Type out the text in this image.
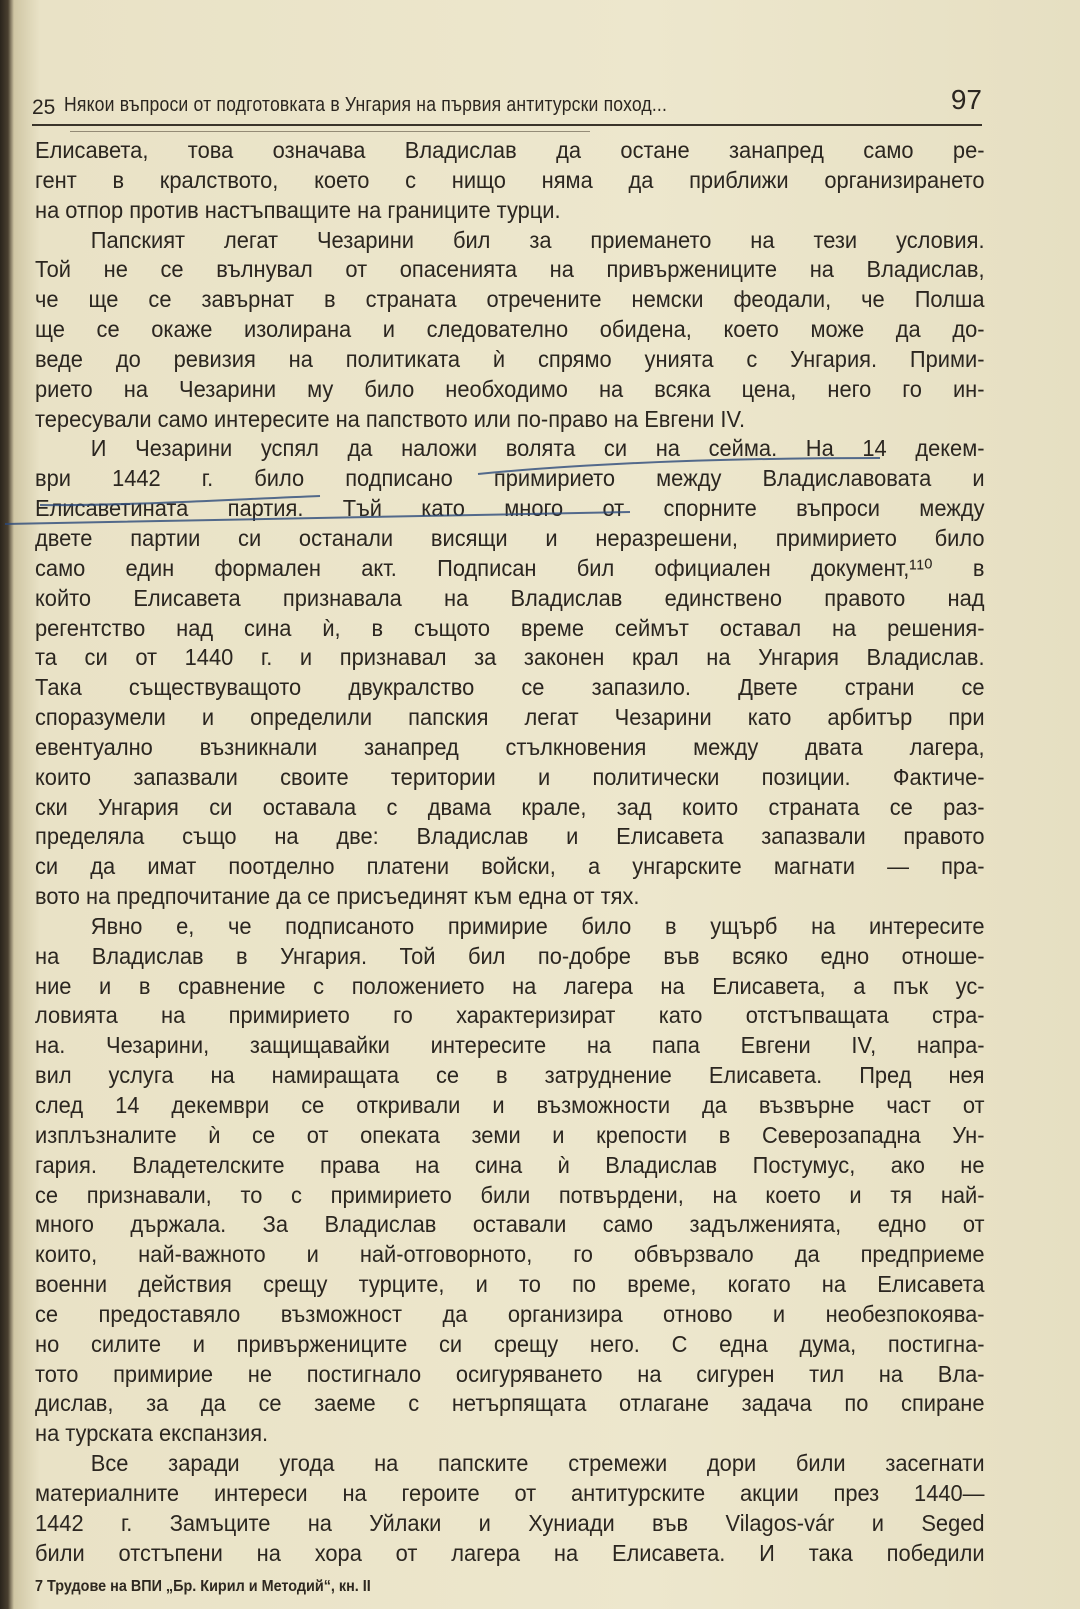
25 Някои въпроси от подготовката в Унгария на първия антитурски поход...	97
Елисавета, това означава Владислав да остане занапред само ре-
гент в кралството, което с нищо няма да приближи организирането
на отпор против настъпващите на границите турци.
Папският легат Чезарини бил за приемането на тези условия.
Той не се вълнувал от опасенията на привържениците на Владислав,
че ще се завърнат в страната отречените немски феодали, че Полша
ще се окаже изолирана и следователно обидена, което може да до-
веде до ревизия на политиката ѝ спрямо унията с Унгария. Прими-
рието на Чезарини му било необходимо на всяка цена, него го ин-
тересували само интересите на папството или по-право на Евгени IV.
И Чезарини успял да наложи волята си на сейма. На 14 декем-
ври 1442 г. било подписано примирието между Владиславовата и
Елисаветината партия. Тъй като много от спорните въпроси между
двете партии си останали висящи и неразрешени, примирието било
само един формален акт. Подписан бил официален документ,¹¹⁰ в
който Елисавета признавала на Владислав единствено правото над
регентство над сина ѝ, в същото време сеймът оставал на решения-
та си от 1440 г. и признавал за законен крал на Унгария Владислав.
Така съществуващото двукралство се запазило. Двете страни се
споразумели и определили папския легат Чезарини като арбитър при
евентуално възникнали занапред стълкновения между двата лагера,
които запазвали своите територии и политически позиции. Фактиче-
ски Унгария си оставала с двама крале, зад които страната се раз-
пределяла също на две: Владислав и Елисавета запазвали правото
си да имат поотделно платени войски, а унгарските магнати — пра-
вото на предпочитание да се присъединят към една от тях.
Явно е, че подписаното примирие било в ущърб на интересите
на Владислав в Унгария. Той бил по-добре във всяко едно отноше-
ние и в сравнение с положението на лагера на Елисавета, а пък ус-
ловията на примирието го характеризират като отстъпващата стра-
на. Чезарини, защищавайки интересите на папа Евгени IV, напра-
вил услуга на намиращата се в затруднение Елисавета. Пред нея
след 14 декември се откривали и възможности да възвърне част от
изплъзналите ѝ се от опеката земи и крепости в Северозападна Ун-
гария. Владетелските права на сина ѝ Владислав Постумус, ако не
се признавали, то с примирието били потвърдени, на което и тя най-
много държала. За Владислав оставали само задълженията, едно от
които, най-важното и най-отговорното, го обвързвало да предприеме
военни действия срещу турците, и то по време, когато на Елисавета
се предоставяло възможност да организира отново и необезпокоява-
но силите и привържениците си срещу него. С една дума, постигна-
тото примирие не постигнало осигуряването на сигурен тил на Вла-
дислав, за да се заеме с нетърпящата отлагане задача по спиране
на турската експанзия.
Все заради угода на папските стремежи дори били засегнати
материалните интереси на героите от антитурските акции през 1440—
1442 г. Замъците на Уйлаки и Хуниади във Vilagos-vár и Seged
били отстъпени на хора от лагера на Елисавета. И така победили
7 Трудове на ВПИ „Бр. Кирил и Методий“, кн. II
